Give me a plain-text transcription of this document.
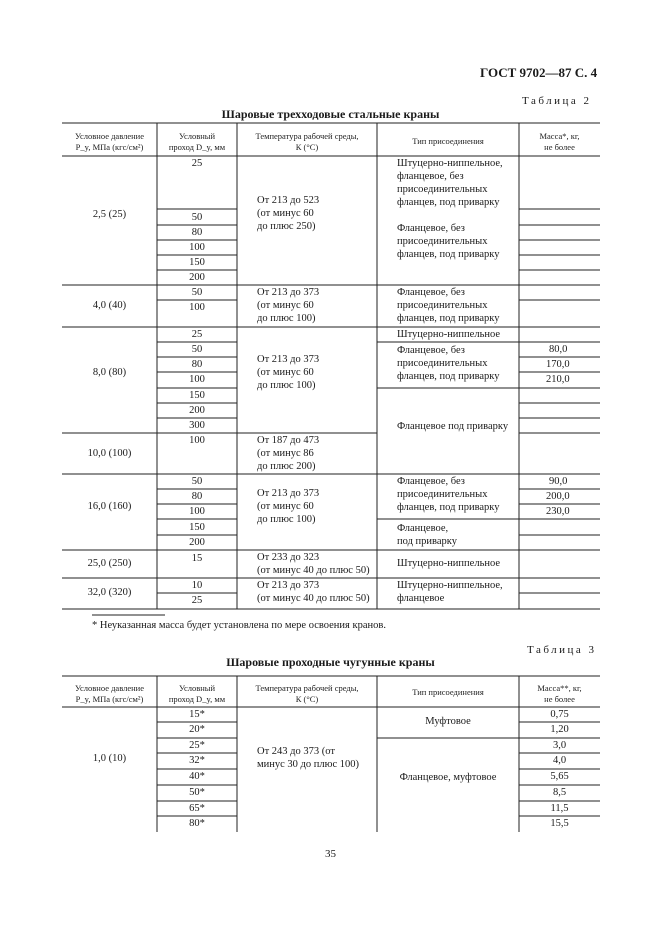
ГОСТ 9702—87 С. 4
Таблица 2
Шаровые трехходовые стальные краны
Условное давление
P_y, МПа (кгс/см²)
Условный
проход D_y, мм
Температура рабочей среды,
К (°С)
Тип присоединения	Масса*, кг,
не более
2,5 (25)
4,0 (40)
8,0 (80)
10,0 (100)
16,0 (160)
25,0 (250)
32,0 (320)
25
50
80
100
150
200
50
100
25
50
80
100
150
200
300
100
50
80
100
150
200
15
10
25
От 213 до 523
(от минус 60
до плюс 250)
От 213 до 373
(от минус 60
до плюс 100)
От 213 до 373
(от минус 60
до плюс 100)
От 187 до 473
(от минус 86
до плюс 200)
От 213 до 373
(от минус 60
до плюс 100)
От 233 до 323
(от минус 40 до плюс 50)
От 213 до 373
(от минус 40 до плюс 50)
Штуцерно-ниппельное,
фланцевое, без
присоединительных
фланцев, под приварку
Фланцевое, без
присоединительных
фланцев, под приварку
Фланцевое, без
присоединительных
фланцев, под приварку
Штуцерно-ниппельное
Фланцевое, без
присоединительных
фланцев, под приварку
Фланцевое под приварку
Фланцевое, без
присоединительных
фланцев, под приварку
Фланцевое,
под приварку
Штуцерно-ниппельное
Штуцерно-ниппельное,
фланцевое
80,0
170,0
210,0
90,0
200,0
230,0
* Неуказанная масса будет установлена по мере освоения кранов.
Таблица 3
Шаровые проходные чугунные краны
Условное давление
P_y, МПа (кгс/см²)
Условный
проход D_y, мм
Температура рабочей среды,
К (°С)
Тип присоединения	Масса**, кг,
не более
1,0 (10)
15*
20*
25*
32*
40*
50*
65*
80*
От 243 до 373 (от
минус 30 до плюс 100)
Муфтовое
Фланцевое, муфтовое
0,75
1,20
3,0
4,0
5,65
8,5
11,5
15,5
35
